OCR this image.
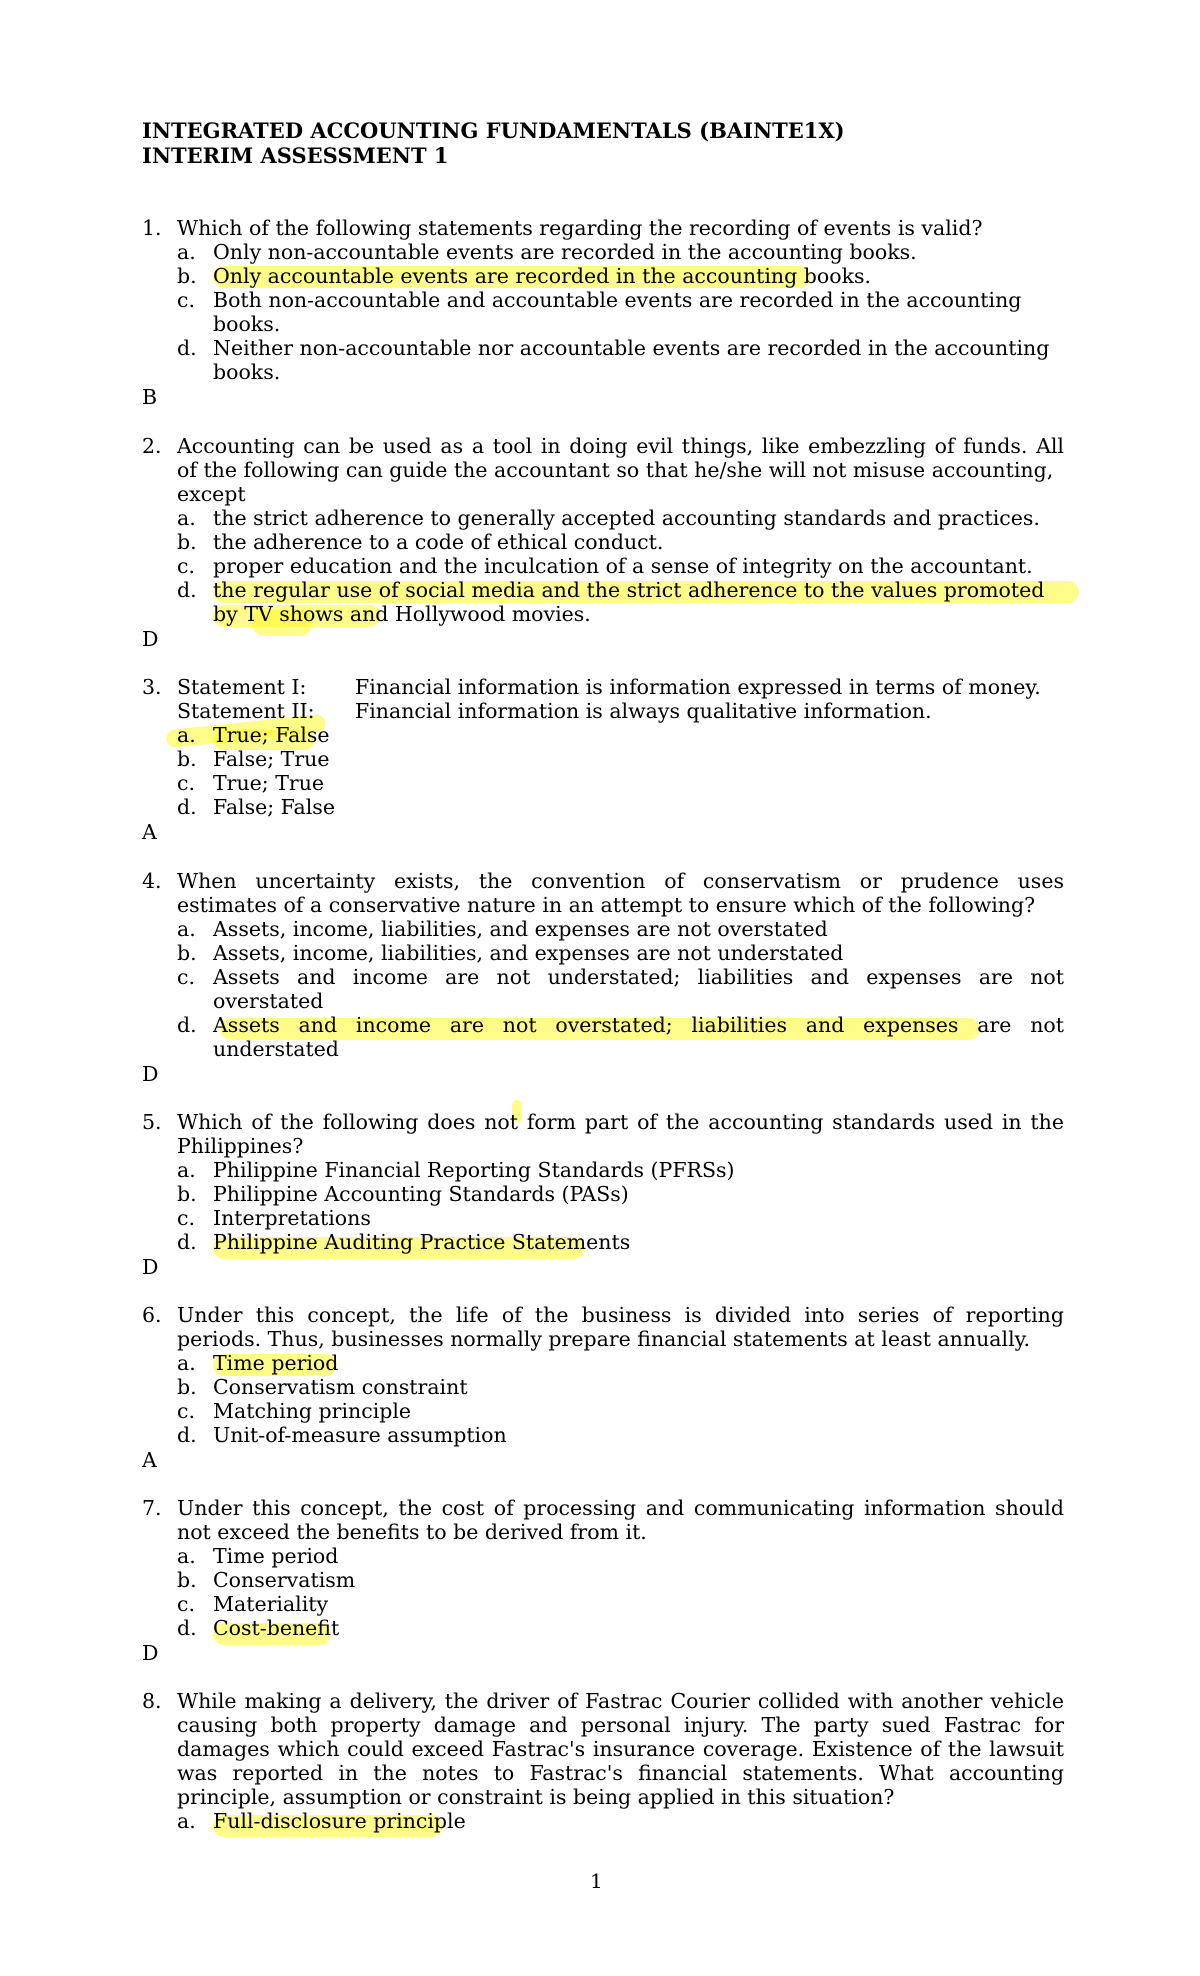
INTEGRATED ACCOUNTING FUNDAMENTALS (BAINTE1X)
INTERIM ASSESSMENT 1
1. Which of the following statements regarding the recording of events is valid?
a. Only non-accountable events are recorded in the accounting books.
b. Only accountable events are recorded in the accounting books.
c. Both non-accountable and accountable events are recorded in the accounting
books.
d. Neither non-accountable nor accountable events are recorded in the accounting
books.
B
2. Accounting can be used as a tool in doing evil things, like embezzling of funds. All
of the following can guide the accountant so that he/she will not misuse accounting,
except
a. the strict adherence to generally accepted accounting standards and practices.
b. the adherence to a code of ethical conduct.
c. proper education and the inculcation of a sense of integrity on the accountant.
d. the regular use of social media and the strict adherence to the values promoted
by TV shows and Hollywood movies.
D
3. Statement I: Financial information is information expressed in terms of money.
Statement II: Financial information is always qualitative information.
a. True; False
b. False; True
c. True; True
d. False; False
A
4. When uncertainty exists, the convention of conservatism or prudence uses
estimates of a conservative nature in an attempt to ensure which of the following?
a. Assets, income, liabilities, and expenses are not overstated
b. Assets, income, liabilities, and expenses are not understated
c. Assets and income are not understated; liabilities and expenses are not
overstated
d. Assets and income are not overstated; liabilities and expenses are not
understated
D
5. Which of the following does not form part of the accounting standards used in the
Philippines?
a. Philippine Financial Reporting Standards (PFRSs)
b. Philippine Accounting Standards (PASs)
c. Interpretations
d. Philippine Auditing Practice Statements
D
6. Under this concept, the life of the business is divided into series of reporting
periods. Thus, businesses normally prepare financial statements at least annually.
a. Time period
b. Conservatism constraint
c. Matching principle
d. Unit-of-measure assumption
A
7. Under this concept, the cost of processing and communicating information should
not exceed the benefits to be derived from it.
a. Time period
b. Conservatism
c. Materiality
d. Cost-benefit
D
8. While making a delivery, the driver of Fastrac Courier collided with another vehicle
causing both property damage and personal injury. The party sued Fastrac for
damages which could exceed Fastrac's insurance coverage. Existence of the lawsuit
was reported in the notes to Fastrac's financial statements. What accounting
principle, assumption or constraint is being applied in this situation?
a. Full-disclosure principle
1
